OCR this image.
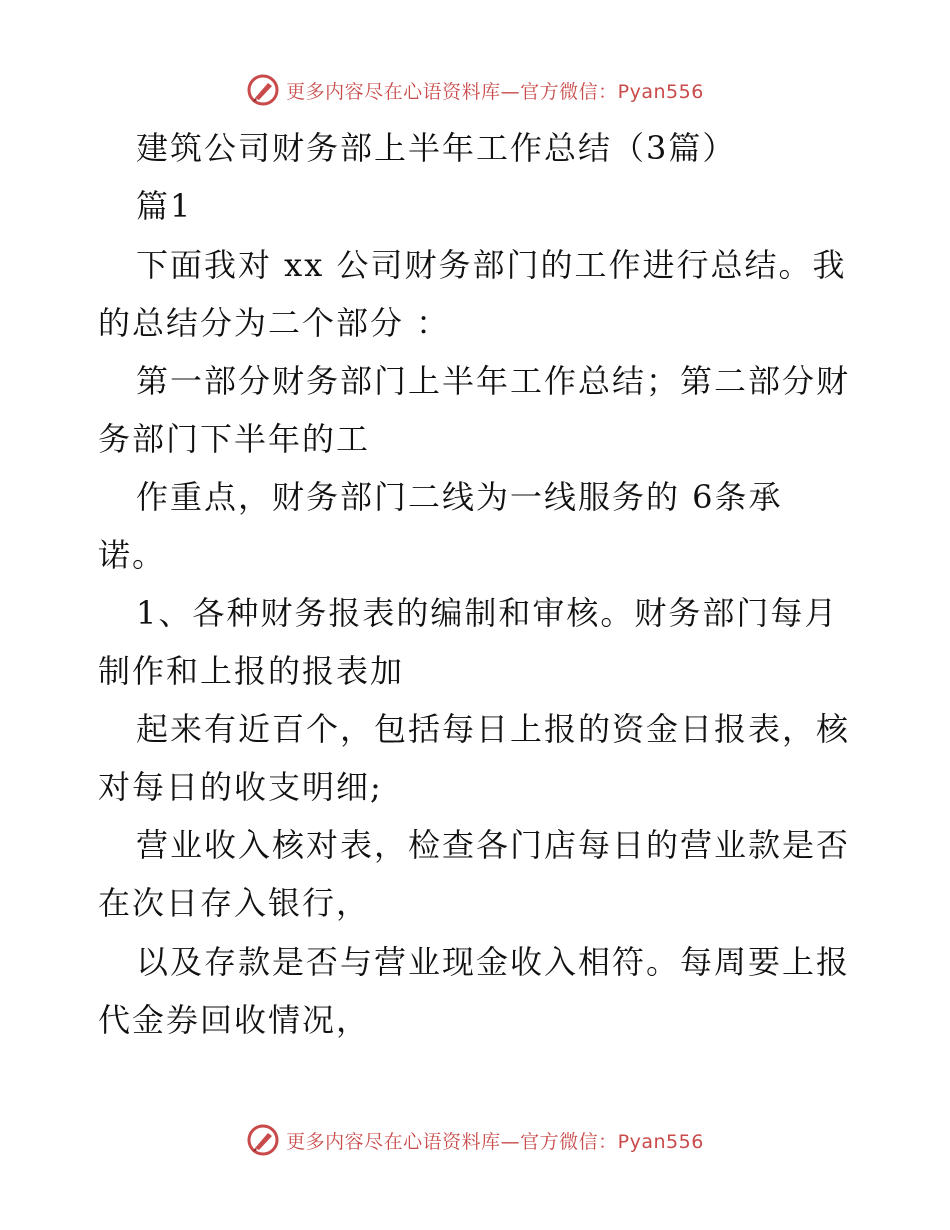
更多内容尽在心语资料库—官方微信：Pyan556
建筑公司财务部上半年工作总结（3篇）
篇1
下面我对 xx 公司财务部门的工作进行总结。我
的总结分为二个部分 ：
第一部分财务部门上半年工作总结；第二部分财
务部门下半年的工
作重点，财务部门二线为一线服务的 6条承
诺。
1、各种财务报表的编制和审核。财务部门每月
制作和上报的报表加
起来有近百个，包括每日上报的资金日报表，核
对每日的收支明细;
营业收入核对表，检查各门店每日的营业款是否
在次日存入银行，
以及存款是否与营业现金收入相符。每周要上报
代金券回收情况，
更多内容尽在心语资料库—官方微信：Pyan556
